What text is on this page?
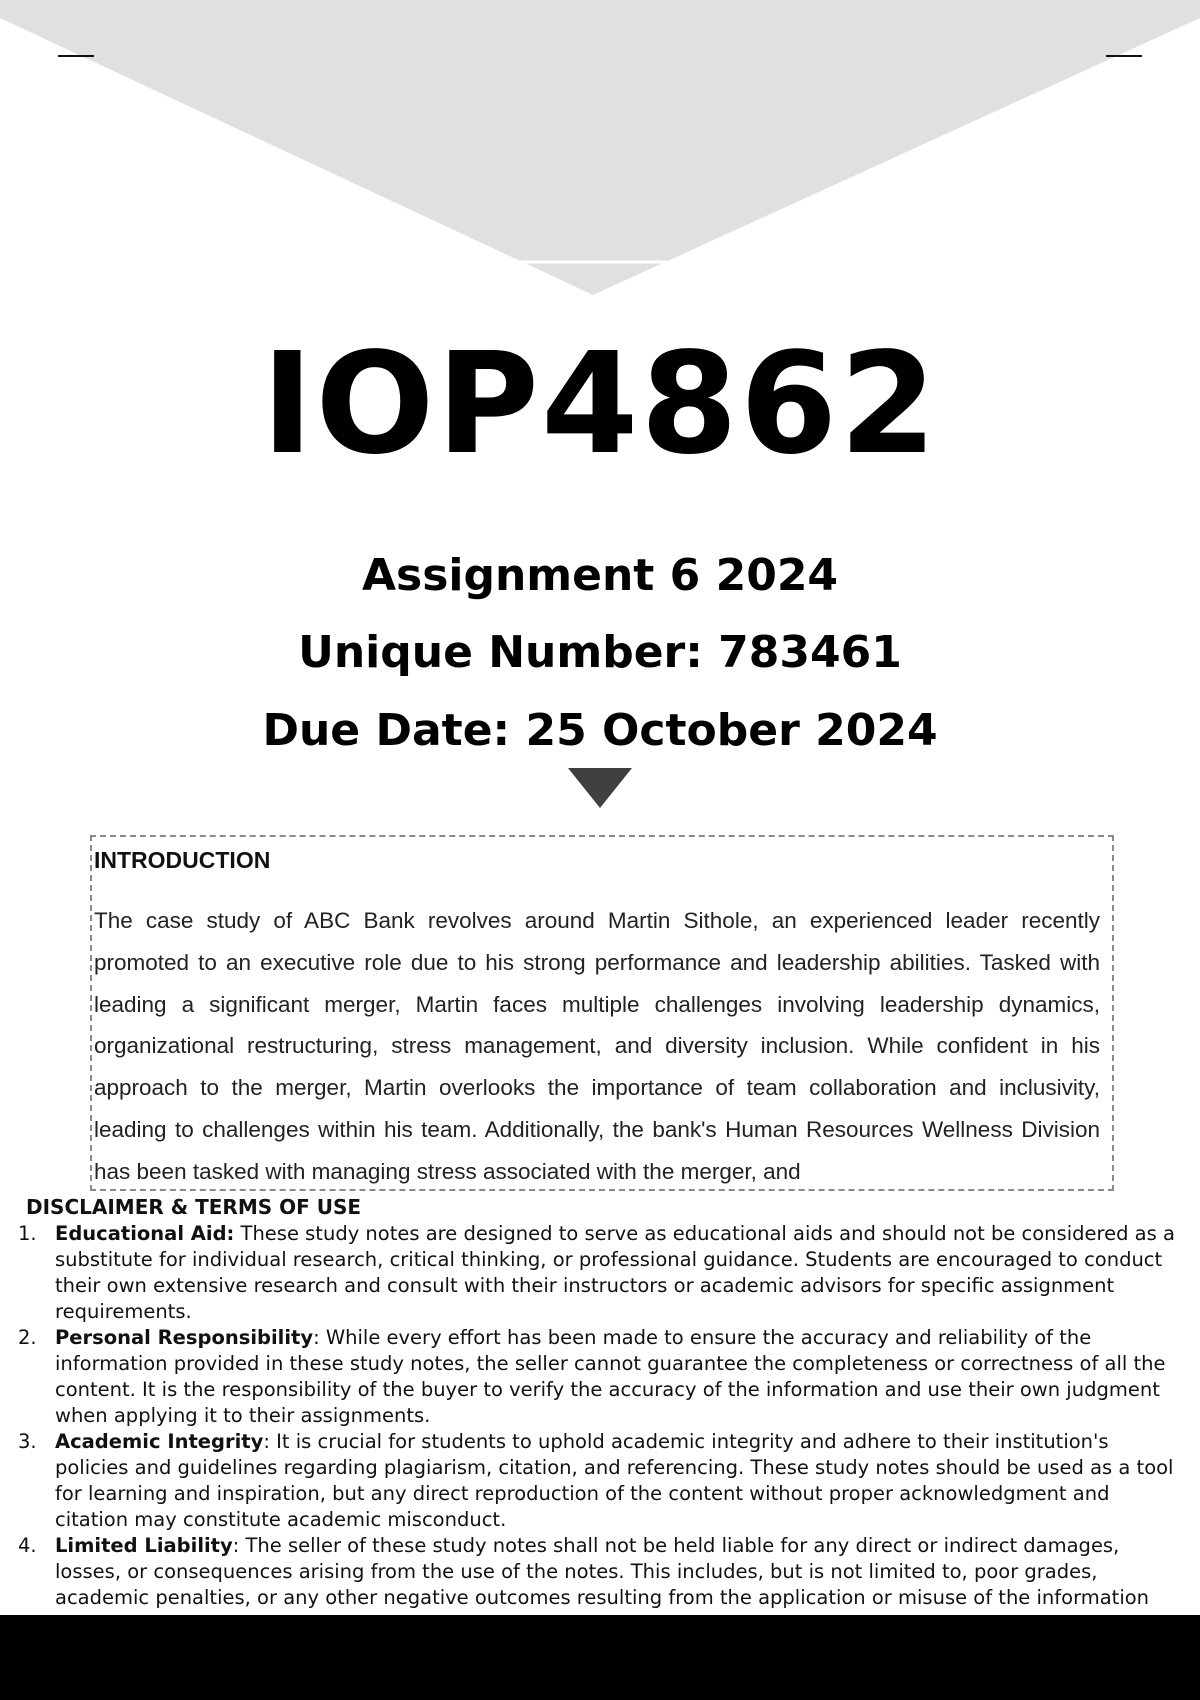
IOP4862
Assignment 6 2024
Unique Number: 783461
Due Date: 25 October 2024
INTRODUCTION
The case study of ABC Bank revolves around Martin Sithole, an experienced leader recently promoted to an executive role due to his strong performance and leadership abilities. Tasked with leading a significant merger, Martin faces multiple challenges involving leadership dynamics, organizational restructuring, stress management, and diversity inclusion. While confident in his approach to the merger, Martin overlooks the importance of team collaboration and inclusivity, leading to challenges within his team. Additionally, the bank's Human Resources Wellness Division has been tasked with managing stress associated with the merger, and
DISCLAIMER & TERMS OF USE
1. Educational Aid: These study notes are designed to serve as educational aids and should not be considered as a substitute for individual research, critical thinking, or professional guidance. Students are encouraged to conduct their own extensive research and consult with their instructors or academic advisors for specific assignment requirements.
2. Personal Responsibility: While every effort has been made to ensure the accuracy and reliability of the information provided in these study notes, the seller cannot guarantee the completeness or correctness of all the content. It is the responsibility of the buyer to verify the accuracy of the information and use their own judgment when applying it to their assignments.
3. Academic Integrity: It is crucial for students to uphold academic integrity and adhere to their institution's policies and guidelines regarding plagiarism, citation, and referencing. These study notes should be used as a tool for learning and inspiration, but any direct reproduction of the content without proper acknowledgment and citation may constitute academic misconduct.
4. Limited Liability: The seller of these study notes shall not be held liable for any direct or indirect damages, losses, or consequences arising from the use of the notes. This includes, but is not limited to, poor grades, academic penalties, or any other negative outcomes resulting from the application or misuse of the information
